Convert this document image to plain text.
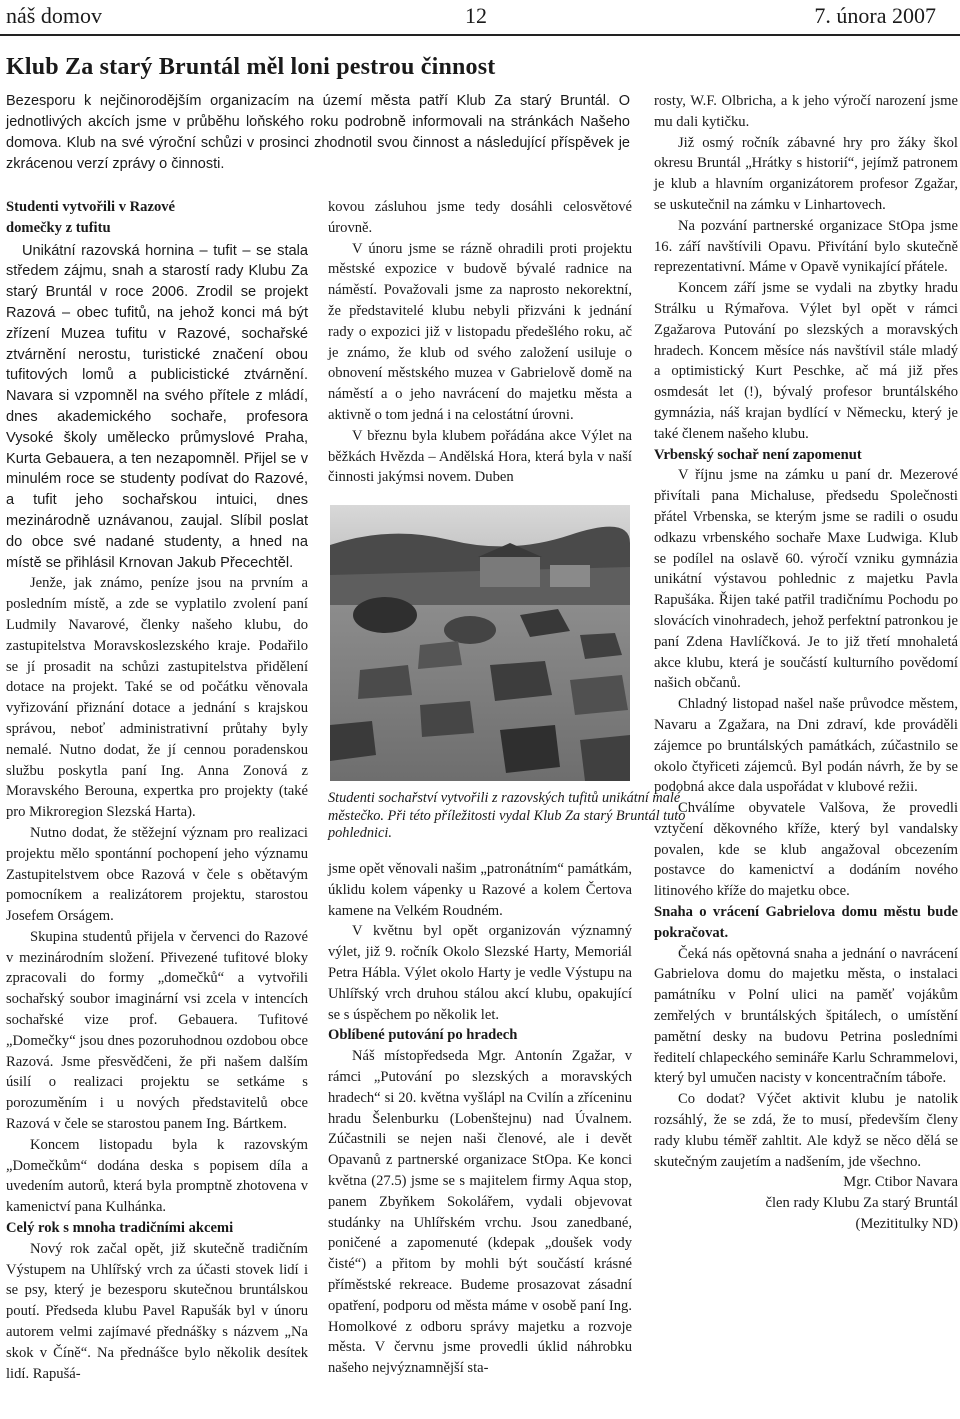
náš domov	12	7. února 2007
Klub Za starý Bruntál měl loni pestrou činnost
Bezesporu k nejčinorodějším organizacím na území města patří Klub Za starý Bruntál. O jednotlivých akcích jsme v průběhu loňského roku podrobně informovali na stránkách Našeho domova. Klub na své výroční schůzi v prosinci zhodnotil svou činnost a následující příspěvek je zkrácenou verzí zprávy o činnosti.
Studenti vytvořili v Razové
domečky z tufitu

Unikátní razovská hornina – tufit – se stala středem zájmu, snah a starostí rady Klubu Za starý Bruntál v roce 2006. Zrodil se projekt Razová – obec tufitů, na jehož konci má být zřízení Muzea tufitu v Razové, sochařské ztvárnění nerostu, turistické značení obou tufitových lomů a publicistické ztvárnění. Navara si vzpomněl na svého přítele z mládí, dnes akademického sochaře, profesora Vysoké školy umělecko průmyslové Praha, Kurta Gebauera, a ten nezapomněl. Přijel se v minulém roce se studenty podívat do Razové, a tufit jeho sochařskou intuici, dnes mezinárodně uznávanou, zaujal. Slíbil poslat do obce své nadané studenty, a hned na místě se přihlásil Krnovan Jakub Přecechtěl.

Jenže, jak známo, peníze jsou na prvním a posledním místě, a zde se vyplatilo zvolení paní Ludmily Navarové, členky našeho klubu, do zastupitelstva Moravskoslezského kraje. Podařilo se jí prosadit na schůzi zastupitelstva přidělení dotace na projekt. Také se od počátku věnovala vyřizování přiznání dotace a jednání s krajskou správou, neboť administrativní průtahy byly nemalé. Nutno dodat, že jí cennou poradenskou službu poskytla paní Ing. Anna Zonová z Moravského Berouna, expertka pro projekty (také pro Mikroregion Slezská Harta).

Nutno dodat, že stěžejní význam pro realizaci projektu mělo spontánní pochopení jeho významu Zastupitelstvem obce Razová v čele s obětavým pomocníkem a realizátorem projektu, starostou Josefem Orságem.

Skupina studentů přijela v červenci do Razové v mezinárodním složení. Přivezené tufitové bloky zpracovali do formy „domečků“ a vytvořili sochařský soubor imaginární vsi zcela v intencích sochařské vize prof. Gebauera. Tufitové „Domečky“ jsou dnes pozoruhodnou ozdobou obce Razová. Jsme přesvědčeni, že při našem dalším úsilí o realizaci projektu se setkáme s porozuměním i u nových představitelů obce Razová v čele se starostou panem Ing. Bártkem.

Koncem listopadu byla k razovským „Domečkům“ dodána deska s popisem díla a uvedením autorů, která byla promptně zhotovena v kamenictví pana Kulhánka.

Celý rok s mnoha tradičními akcemi

Nový rok začal opět, již skutečně tradičním Výstupem na Uhlířský vrch za účasti stovek lidí i se psy, který je bezesporu skutečnou bruntálskou poutí. Předseda klubu Pavel Rapušák byl v únoru autorem velmi zajímavé přednášky s názvem „Na skok v Číně“. Na přednášce bylo několik desítek lidí. Rapušá-

kovou zásluhou jsme tedy dosáhli celosvětové úrovně.

V únoru jsme se rázně ohradili proti projektu městské expozice v budově bývalé radnice na náměstí. Považovali jsme za naprosto nekorektní, že představitelé klubu nebyli přizváni k jednání rady o expozici již v listopadu předešlého roku, ač je známo, že klub od svého založení usiluje o obnovení městského muzea v Gabrielově domě na náměstí a o jeho navrácení do majetku města a aktivně o tom jedná i na celostátní úrovni.

V březnu byla klubem pořádána akce Výlet na běžkách Hvězda – Andělská Hora, která byla v naší činnosti jakýmsi novem. Duben

Studenti sochařství vytvořili z razovských tufitů unikátní malé městečko. Při této příležitosti vydal Klub Za starý Bruntál tuto pohlednici.

jsme opět věnovali našim „patronátním“ památkám, úklidu kolem vápenky u Razové a kolem Čertova kamene na Velkém Roudném.

V květnu byl opět organizován významný výlet, již 9. ročník Okolo Slezské Harty, Memoriál Petra Hábla. Výlet okolo Harty je vedle Výstupu na Uhlířský vrch druhou stálou akcí klubu, opakující se s úspěchem po několik let.

Oblíbené putování po hradech

Náš místopředseda Mgr. Antonín Zgažar, v rámci „Putování po slezských a moravských hradech“ si 20. května vyšlápl na Cvilín a zříceninu hradu Šelenburku (Lobenštejnu) nad Úvalnem. Zúčastnili se nejen naši členové, ale i devět Opavanů z partnerské organizace StOpa. Ke konci května (27.5) jsme se s majitelem firmy Aqua stop, panem Zbyňkem Sokolářem, vydali objevovat studánky na Uhlířském vrchu. Jsou zanedbané, poničené a zapomenuté (kdepak „doušek vody čisté“) a přitom by mohli být součástí krásné příměstské rekreace. Budeme prosazovat zásadní opatření, podporu od města máme v osobě paní Ing. Homolkové z odboru správy majetku a rozvoje města. V červnu jsme provedli úklid náhrobku našeho nejvýznamnější sta-

rosty, W.F. Olbricha, a k jeho výročí narození jsme mu dali kytičku.

Již osmý ročník zábavné hry pro žáky škol okresu Bruntál „Hrátky s historií“, jejímž patronem je klub a hlavním organizátorem profesor Zgažar, se uskutečnil na zámku v Linhartovech.

Na pozvání partnerské organizace StOpa jsme 16. září navštívili Opavu. Přivítání bylo skutečně reprezentativní. Máme v Opavě vynikající přátele.

Koncem září jsme se vydali na zbytky hradu Strálku u Rýmařova. Výlet byl opět v rámci Zgažarova Putování po slezských a moravských hradech. Koncem měsíce nás navštívil stále mladý a optimistický Kurt Peschke, ač má již přes osmdesát let (!), bývalý profesor bruntálského gymnázia, náš krajan bydlící v Německu, který je také členem našeho klubu.

Vrbenský sochař není zapomenut

V říjnu jsme na zámku u paní dr. Mezerové přivítali pana Michaluse, předsedu Společnosti přátel Vrbenska, se kterým jsme se radili o osudu odkazu vrbenského sochaře Maxe Ludwiga. Klub se podílel na oslavě 60. výročí vzniku gymnázia unikátní výstavou pohlednic z majetku Pavla Rapušáka. Řijen také patřil tradičnímu Pochodu po slovácích vinohradech, jehož perfektní patronkou je paní Zdena Havlíčková. Je to již třetí mnohaletá akce klubu, která je součástí kulturního povědomí našich občanů.

Chladný listopad našel naše průvodce městem, Navaru a Zgažara, na Dni zdraví, kde prováděli zájemce po bruntálských památkách, zúčastnilo se okolo čtyřiceti zájemců. Byl podán návrh, že by se podobná akce dala uspořádat v klubové režii.

Chválíme obyvatele Valšova, že provedli vztyčení děkovného kříže, který byl vandalsky povalen, kde se klub angažoval obcezením postavce do kamenictví a dodáním nového litinového kříže do majetku obce.

Snaha o vrácení Gabrielova domu městu bude pokračovat.

Čeká nás opětovná snaha a jednání o navrácení Gabrielova domu do majetku města, o instalaci památníku v Polní ulici na paměť vojákům zemřelých v bruntálských špitálech, o umístění pamětní desky na budovu Petrina posledními ředitelí chlapeckého semináře Karlu Schrammelovi, který byl umučen nacisty v koncentračním táboře.

Co dodat? Výčet aktivit klubu je natolik rozsáhlý, že se zdá, že to musí, především členy rady klubu téměř zahltit. Ale když se něco dělá se skutečným zaujetím a nadšením, jde všechno.

Mgr. Ctibor Navara

člen rady Klubu Za starý Bruntál

(Mezititulky ND)
